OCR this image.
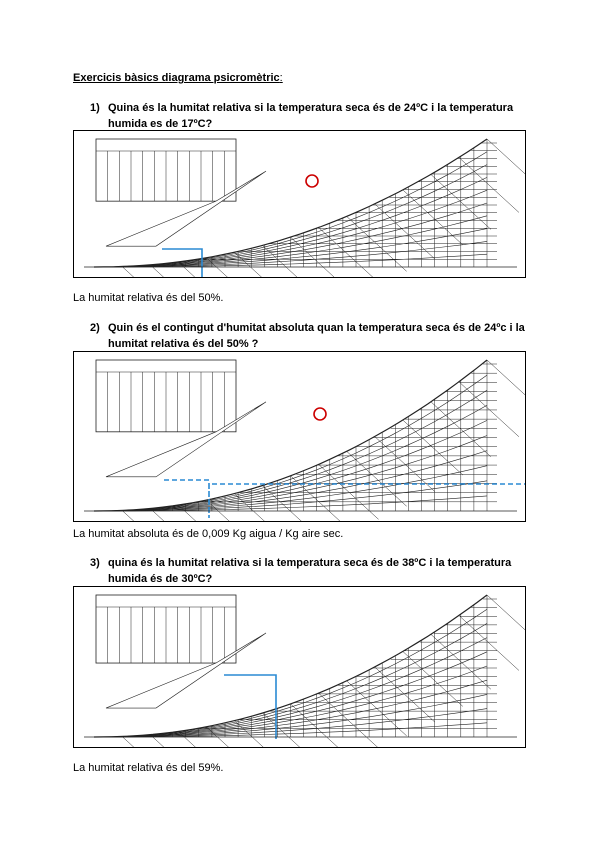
Exercicis bàsics diagrama psicromètric:
1) Quina és la humitat relativa si la temperatura seca és de 24ºC i la temperatura humida es de 17ºC?
La humitat relativa és del 50%.
2) Quin és el contingut d'humitat absoluta quan la temperatura seca és de 24ºc i la humitat relativa és del 50% ?
La humitat absoluta és de 0,009 Kg aigua / Kg aire sec.
3) quina és la humitat relativa si la temperatura seca és de 38ºC i la temperatura humida és de 30ºC?
La humitat relativa és del 59%.
